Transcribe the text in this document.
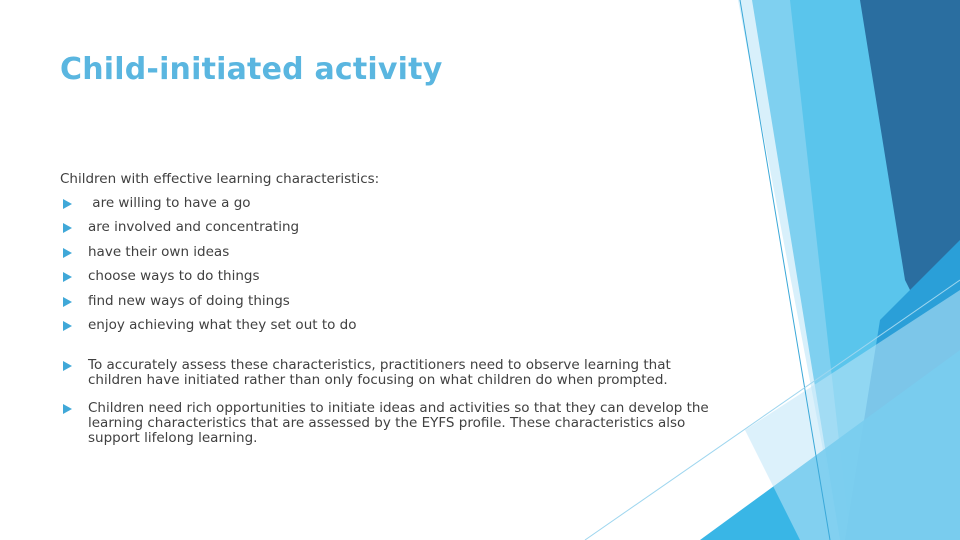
Child-initiated activity

Children with effective learning characteristics:

are willing to have a go
are involved and concentrating
have their own ideas
choose ways to do things
find new ways of doing things
enjoy achieving what they set out to do
To accurately assess these characteristics, practitioners need to observe learning that children have initiated rather than only focusing on what children do when prompted.
Children need rich opportunities to initiate ideas and activities so that they can develop the learning characteristics that are assessed by the EYFS profile. These characteristics also support lifelong learning.
